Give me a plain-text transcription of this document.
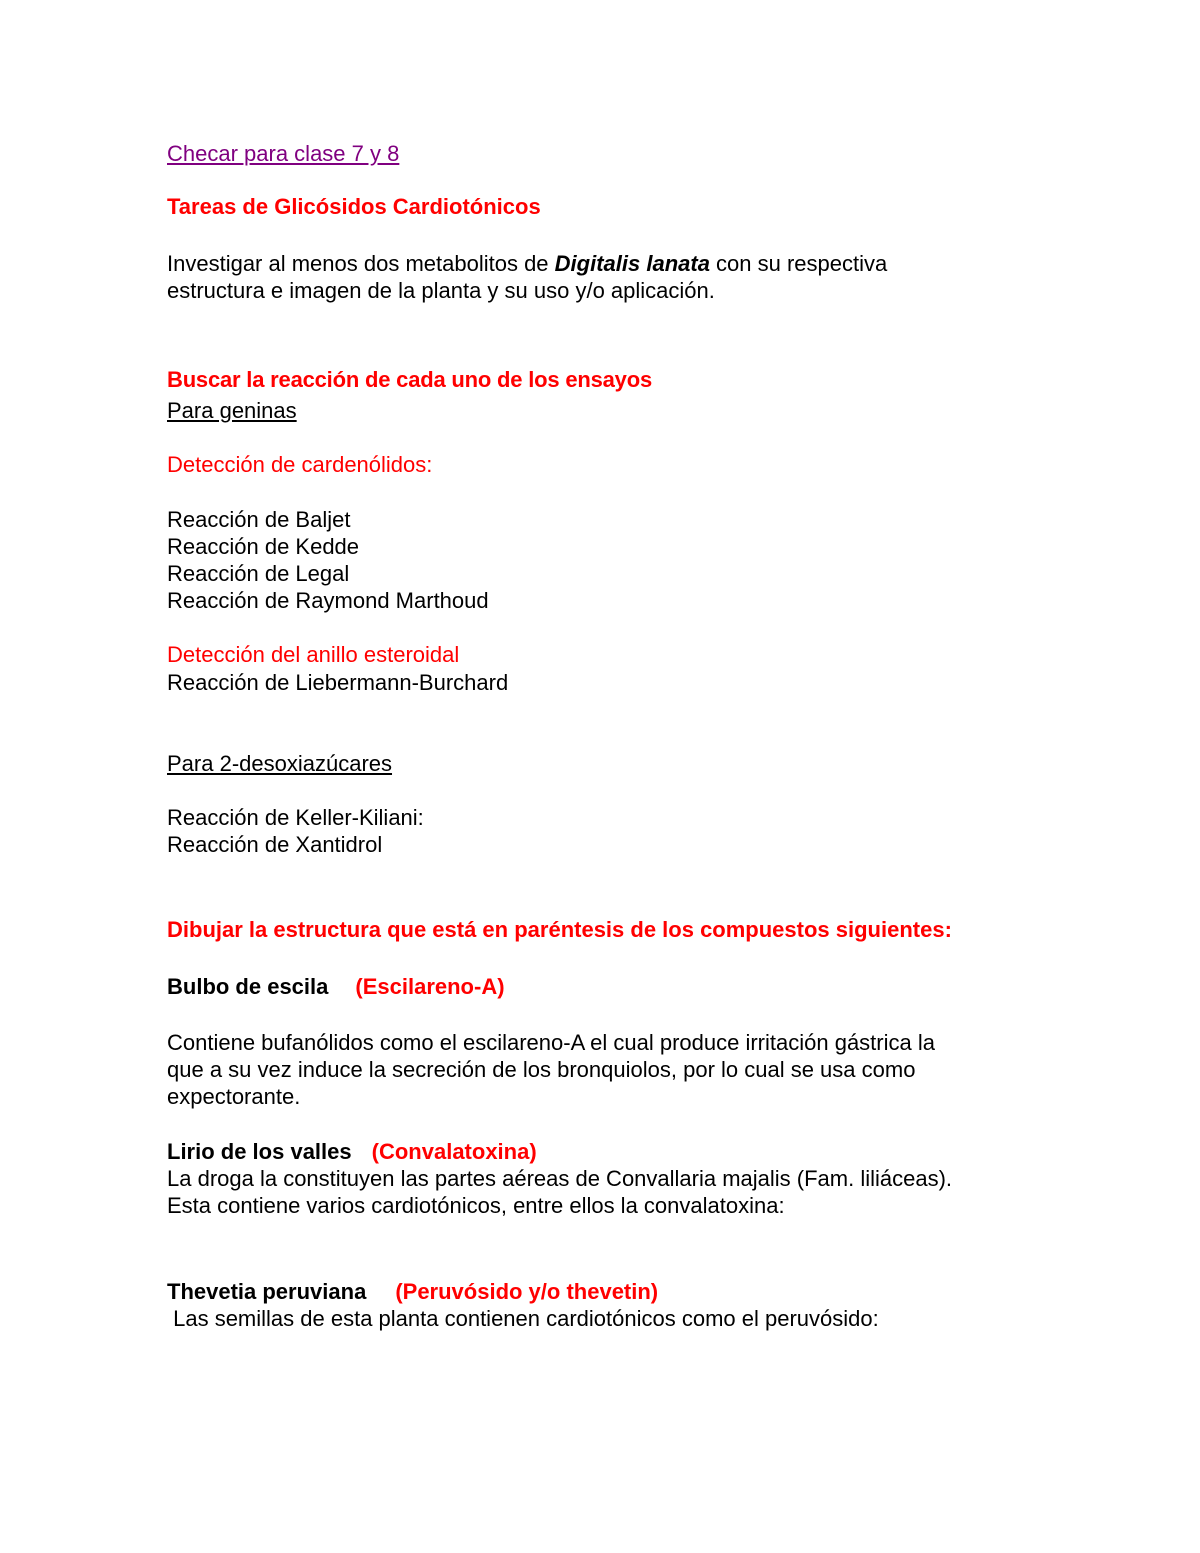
Checar para clase 7 y 8

Tareas de Glicósidos Cardiotónicos

Investigar al menos dos metabolitos de Digitalis lanata con su respectiva

estructura e imagen de la planta y su uso y/o aplicación.

Buscar la reacción de cada uno de los ensayos

Para geninas

Detección de cardenólidos:

Reacción de Baljet

Reacción de Kedde

Reacción de Legal

Reacción de Raymond Marthoud

Detección del anillo esteroidal

Reacción de Liebermann-Burchard

Para 2-desoxiazúcares

Reacción de Keller-Kiliani:

Reacción de Xantidrol

Dibujar la estructura que está en paréntesis de los compuestos siguientes:

Bulbo de escila (Escilareno-A)

Contiene bufanólidos como el escilareno-A el cual produce irritación gástrica la

que a su vez induce la secreción de los bronquiolos, por lo cual se usa como

expectorante.

Lirio de los valles (Convalatoxina)

La droga la constituyen las partes aéreas de Convallaria majalis (Fam. liliáceas).

Esta contiene varios cardiotónicos, entre ellos la convalatoxina:

Thevetia peruviana (Peruvósido y/o thevetin)

Las semillas de esta planta contienen cardiotónicos como el peruvósido:
